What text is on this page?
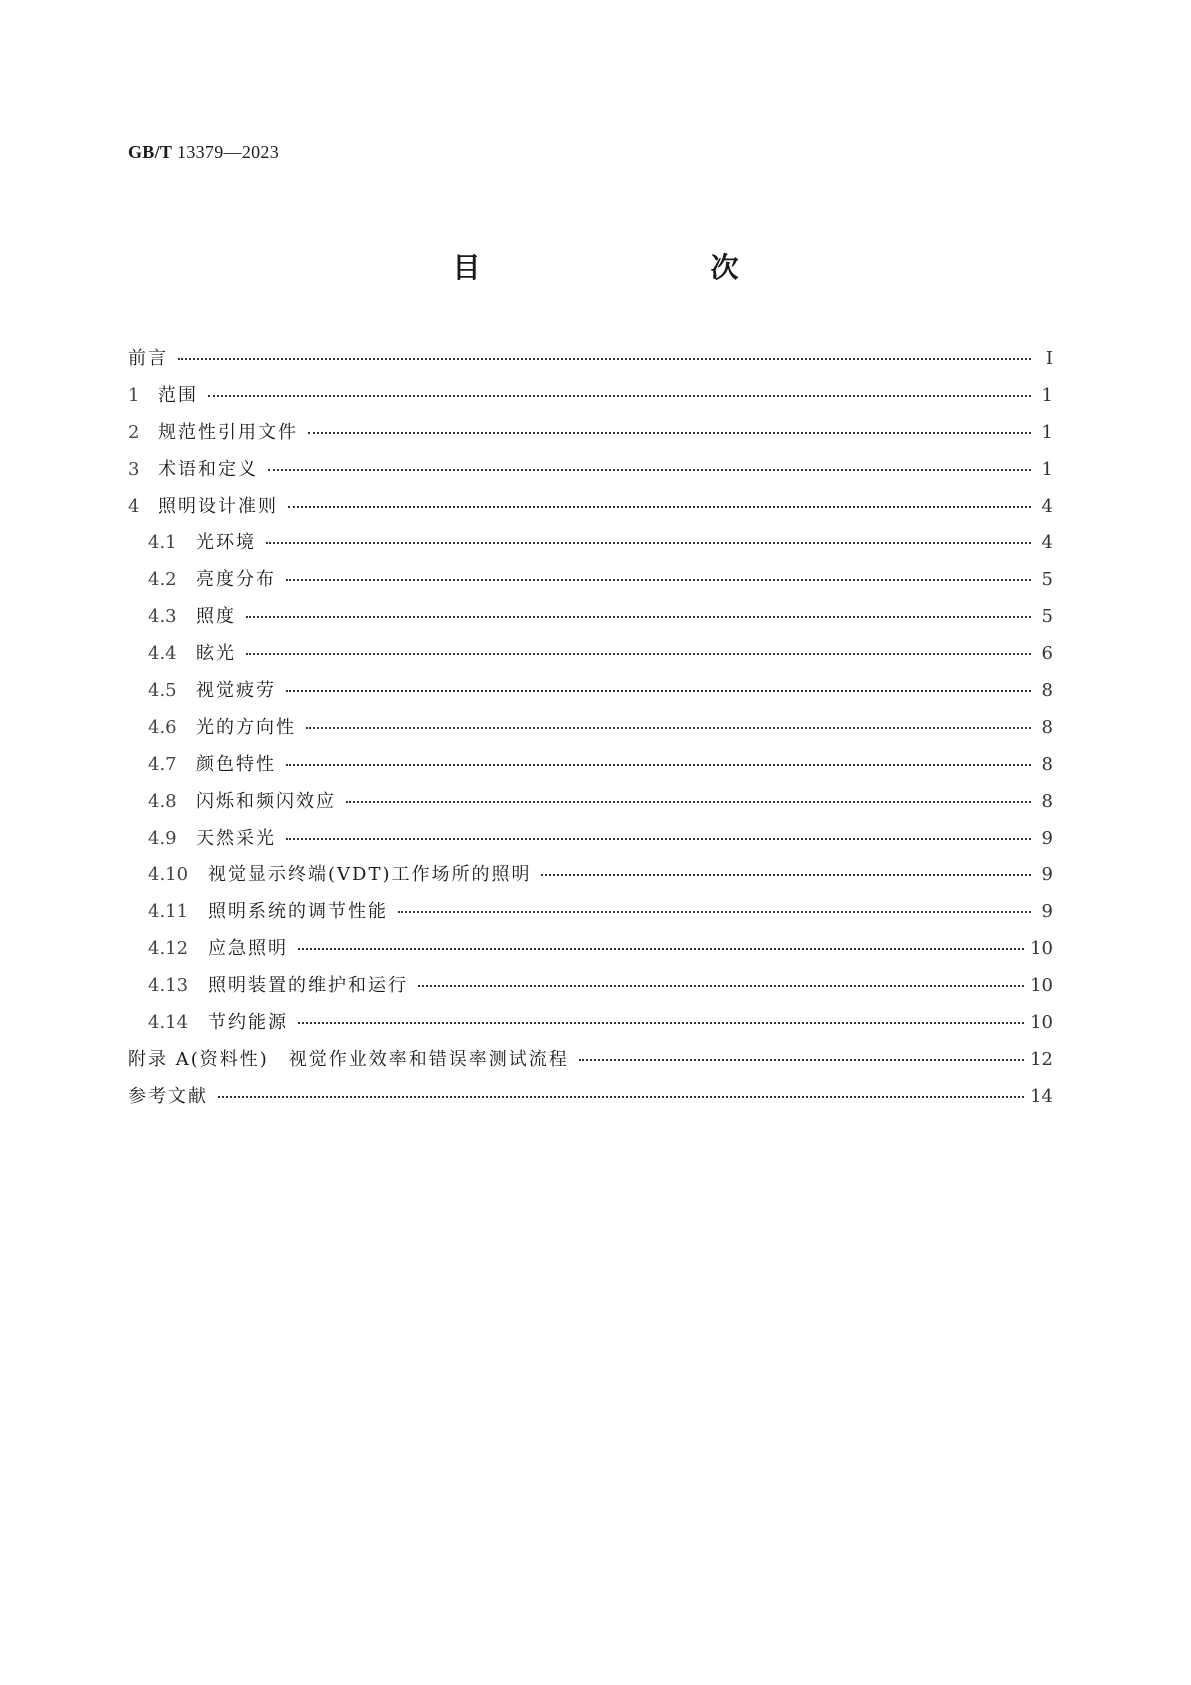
GB/T 13379—2023
目　　次
前言	Ⅰ
1	范围	1
2	规范性引用文件	1
3	术语和定义	1
4	照明设计准则	4
4.1	光环境	4
4.2	亮度分布	5
4.3	照度	5
4.4	眩光	6
4.5	视觉疲劳	8
4.6	光的方向性	8
4.7	颜色特性	8
4.8	闪烁和频闪效应	8
4.9	天然采光	9
4.10	视觉显示终端(VDT)工作场所的照明	9
4.11	照明系统的调节性能	9
4.12	应急照明	10
4.13	照明装置的维护和运行	10
4.14	节约能源	10
附录 A(资料性)　视觉作业效率和错误率测试流程	12
参考文献	14
